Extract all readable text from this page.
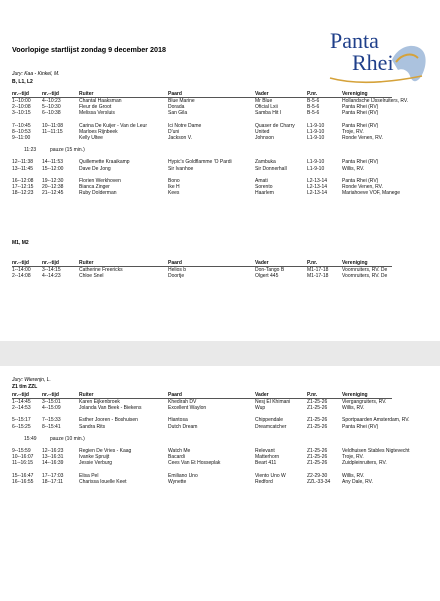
Voorlopige startlijst zondag 9 december 2018	Panta
Rhei
Jury: Kaa - Kinkel, M.
B, L1, L2
nr.--tijd	nr.--tijd	Ruiter	Paard	Vader	P.nr.	Vereniging
1--10:00	4--10:23	Chantal Haaksman	Blue Marine	Mr Blue	B-5-6	Hollandsche IJsselruiters, RV.
2--10:08	5--10:30	Fleur de Groot	Dorada	Oficial Lxii	B-5-6	Panta Rhei (RV)
3--10:15	6--10:38	Melissa Versluis	San Gila	Samba Hit I	B-5-6	Panta Rhei (RV)
7--10:45	10--11:08	Carina De Kuijer - Van de Leur	Ici Notre Dame	Quaser de Charry	L1-9-10	Panta Rhei (RV)
8--10:53	11--11:15	Marloes Rijnbeek	D'uni	United	L1-9-10	Troje, RV.
9--11:00	Kelly Ultee	Jackson V.	Johnson	L1-9-10	Ronde Venen, RV.
11:23	pauze (15 min.)
12--11:38	14--11:53	Quillemette Kraaikamp	Hypic's Goldflamme 'O Pardi	Zambuka	L1-9-10	Panta Rhei (RV)
13--11:45	15--12:00	Dave De Jong	Sir Ivanhoe	Sir Donnerhall	L1-9-10	Willis, RV.
16--12:08	19--12:30	Florien Werkhoven	Bono	Amati	L2-13-14	Panta Rhei (RV)
17--12:15	20--12:38	Bianca Zinger	Ike H	Sorento	L2-13-14	Ronde Venen, RV.
18--12:23	21--12:45	Ruby Dolderman	Kees	Haarlem	L2-13-14	Mariahoeve VOF, Manege
M1, M2
nr.--tijd	nr.--tijd	Ruiter	Paard	Vader	P.nr.	Vereniging
1--14:00	3--14:15	Catherine Freericks	Helios b	Don-Tango B	M1-17-18	Voornruiters, RV. De
2--14:08	4--14:23	Chloe Snel	Doortje	Olgert 445	M1-17-18	Voornruiters, RV. De
Jury: Wierenjn, L.
Z1 t/m ZZL
nr.--tijd	nr.--tijd	Ruiter	Paard	Vader	P.nr.	Vereniging
1--14:45	3--15:01	Karen Eijkenbroek	Khedirah DV	Nesj El Khimani	Z1-25-26	Viergangruiters, RV.
2--14:53	4--15:09	Jolanda Van Beek - Biekens	Excellent Waylon	Wup	Z1-25-26	Willis, RV.
5--15:17	7--15:33	Esther Jooren - Boshuisen	Hiantosa	Chippendale	Z1-25-26	Sportpaarden Amsterdam, RV.
6--15:25	8--15:41	Sandra Rits	Dutch Dream	Dreamcatcher	Z1-25-26	Panta Rhei (RV)
15:49	pauze (10 min.)
9--15:59	12--16:23	Regien De Vries - Kaag	Watch Me	Relevant	Z1-25-26	Veldhuisen Stables Nigtevecht
10--16:07	13--16:31	Ivanke Spruijt	Bacardi	Matterhorn	Z1-25-26	Troje, RV.
11--16:15	14--16:39	Jessie Verburg	Cees Van Et Hosseplak	Beart 411	Z1-25-26	Zuidpleinruiters, RV.
15--16:47	17--17:03	Elisa Pel	Emiliano Uno	Viento Uno W	Z2-29-30	Willis, RV.
16--16:55	18--17:11	Charissa Iouelle Keet	Wynette	Redford	ZZL-33-34	Any Dale, RV.
